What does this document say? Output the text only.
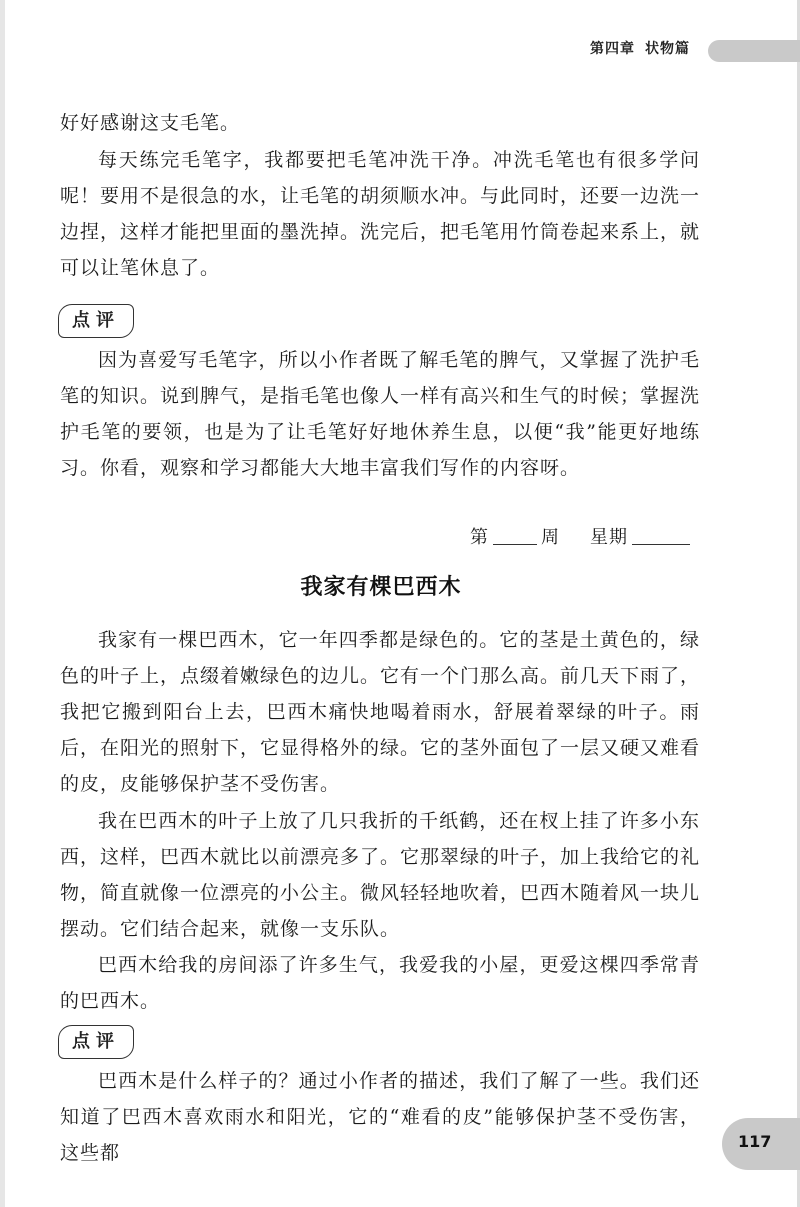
第四章 状物篇

好好感谢这支毛笔。

每天练完毛笔字，我都要把毛笔冲洗干净。冲洗毛笔也有很多学问呢！要用不是很急的水，让毛笔的胡须顺水冲。与此同时，还要一边洗一边捏，这样才能把里面的墨洗掉。洗完后，把毛笔用竹筒卷起来系上，就可以让笔休息了。

点评

因为喜爱写毛笔字，所以小作者既了解毛笔的脾气，又掌握了洗护毛笔的知识。说到脾气，是指毛笔也像人一样有高兴和生气的时候；掌握洗护毛笔的要领，也是为了让毛笔好好地休养生息，以便“我”能更好地练习。你看，观察和学习都能大大地丰富我们写作的内容呀。

第	周 星期
我家有棵巴西木

我家有一棵巴西木，它一年四季都是绿色的。它的茎是土黄色的，绿色的叶子上，点缀着嫩绿色的边儿。它有一个门那么高。前几天下雨了，我把它搬到阳台上去，巴西木痛快地喝着雨水，舒展着翠绿的叶子。雨后，在阳光的照射下，它显得格外的绿。它的茎外面包了一层又硬又难看的皮，皮能够保护茎不受伤害。

我在巴西木的叶子上放了几只我折的千纸鹤，还在杈上挂了许多小东西，这样，巴西木就比以前漂亮多了。它那翠绿的叶子，加上我给它的礼物，简直就像一位漂亮的小公主。微风轻轻地吹着，巴西木随着风一块儿摆动。它们结合起来，就像一支乐队。

巴西木给我的房间添了许多生气，我爱我的小屋，更爱这棵四季常青的巴西木。

点评

巴西木是什么样子的？通过小作者的描述，我们了解了一些。我们还知道了巴西木喜欢雨水和阳光，它的“难看的皮”能够保护茎不受伤害，这些都

117
